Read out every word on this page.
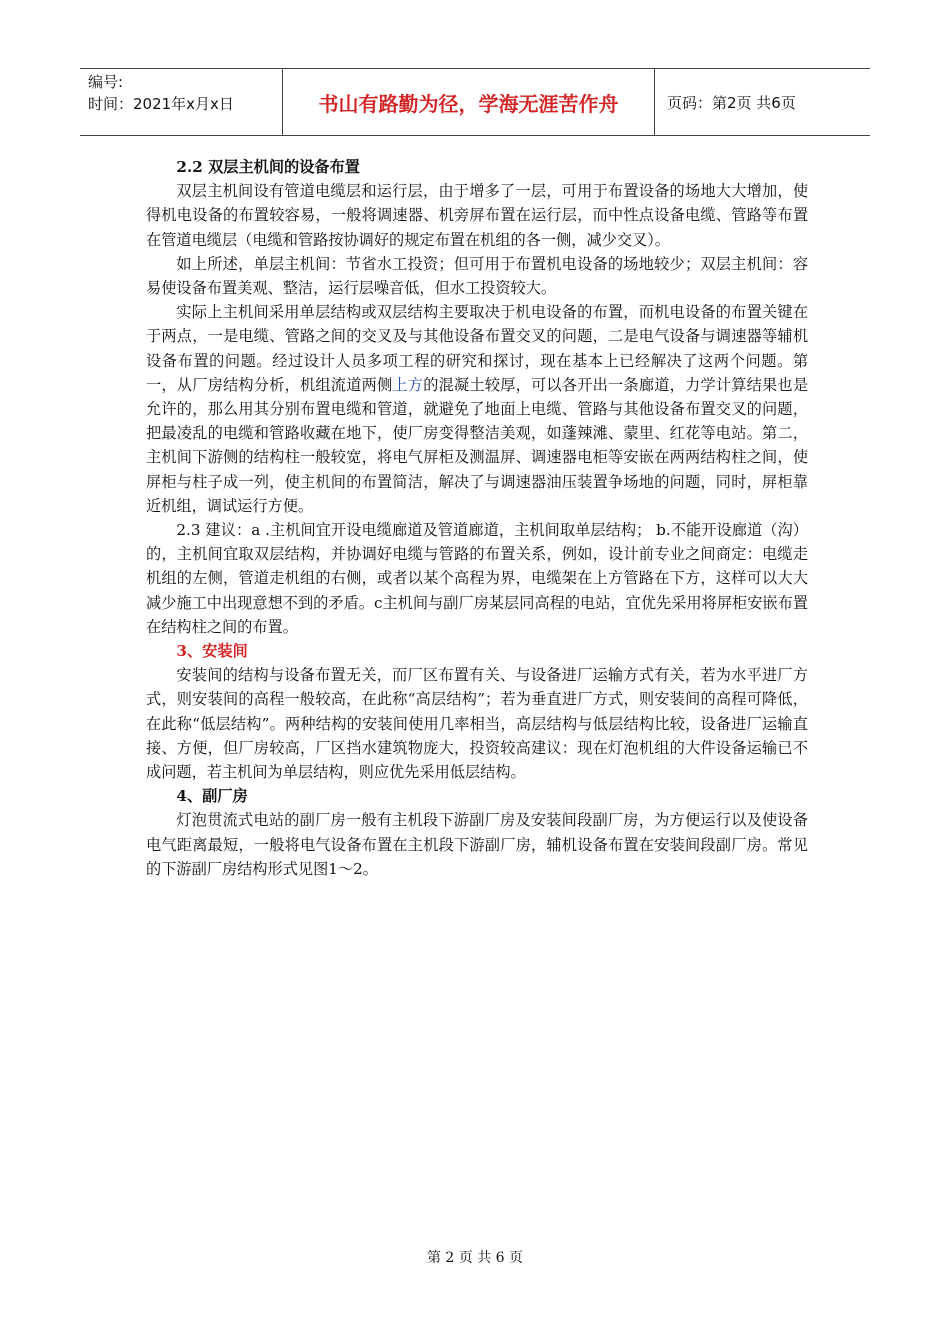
编号:
时间：2021年x月x日	书山有路勤为径，学海无涯苦作舟	页码：第2页 共6页
2.2 双层主机间的设备布置

双层主机间设有管道电缆层和运行层，由于增多了一层，可用于布置设备的场地大大增加，使得机电设备的布置较容易，一般将调速器、机旁屏布置在运行层，而中性点设备电缆、管路等布置在管道电缆层（电缆和管路按协调好的规定布置在机组的各一侧，减少交叉）。

如上所述，单层主机间：节省水工投资；但可用于布置机电设备的场地较少；双层主机间：容易使设备布置美观、整洁，运行层噪音低，但水工投资较大。

实际上主机间采用单层结构或双层结构主要取决于机电设备的布置，而机电设备的布置关键在于两点，一是电缆、管路之间的交叉及与其他设备布置交叉的问题，二是电气设备与调速器等辅机设备布置的问题。经过设计人员多项工程的研究和探讨，现在基本上已经解决了这两个问题。第一，从厂房结构分析，机组流道两侧上方的混凝土较厚，可以各开出一条廊道，力学计算结果也是允许的，那么用其分别布置电缆和管道，就避免了地面上电缆、管路与其他设备布置交叉的问题，把最凌乱的电缆和管路收藏在地下，使厂房变得整洁美观，如蓬辣滩、蒙里、红花等电站。第二，主机间下游侧的结构柱一般较宽，将电气屏柜及测温屏、调速器电柜等安嵌在两两结构柱之间，使屏柜与柱子成一列，使主机间的布置简洁，解决了与调速器油压装置争场地的问题，同时，屏柜靠近机组，调试运行方便。

2.3 建议：a .主机间宜开设电缆廊道及管道廊道，主机间取单层结构； b.不能开设廊道（沟）的，主机间宜取双层结构，并协调好电缆与管路的布置关系，例如，设计前专业之间商定：电缆走机组的左侧，管道走机组的右侧，或者以某个高程为界，电缆架在上方管路在下方，这样可以大大减少施工中出现意想不到的矛盾。c主机间与副厂房某层同高程的电站，宜优先采用将屏柜安嵌布置在结构柱之间的布置。

3、安装间

安装间的结构与设备布置无关，而厂区布置有关、与设备进厂运输方式有关，若为水平进厂方式，则安装间的高程一般较高，在此称“高层结构”；若为垂直进厂方式，则安装间的高程可降低，在此称“低层结构”。两种结构的安装间使用几率相当，高层结构与低层结构比较，设备进厂运输直接、方便，但厂房较高，厂区挡水建筑物庞大，投资较高建议：现在灯泡机组的大件设备运输已不成问题，若主机间为单层结构，则应优先采用低层结构。

4、副厂房

灯泡贯流式电站的副厂房一般有主机段下游副厂房及安装间段副厂房，为方便运行以及使设备电气距离最短，一般将电气设备布置在主机段下游副厂房，辅机设备布置在安装间段副厂房。常见的下游副厂房结构形式见图1～2。

第 2 页 共 6 页
